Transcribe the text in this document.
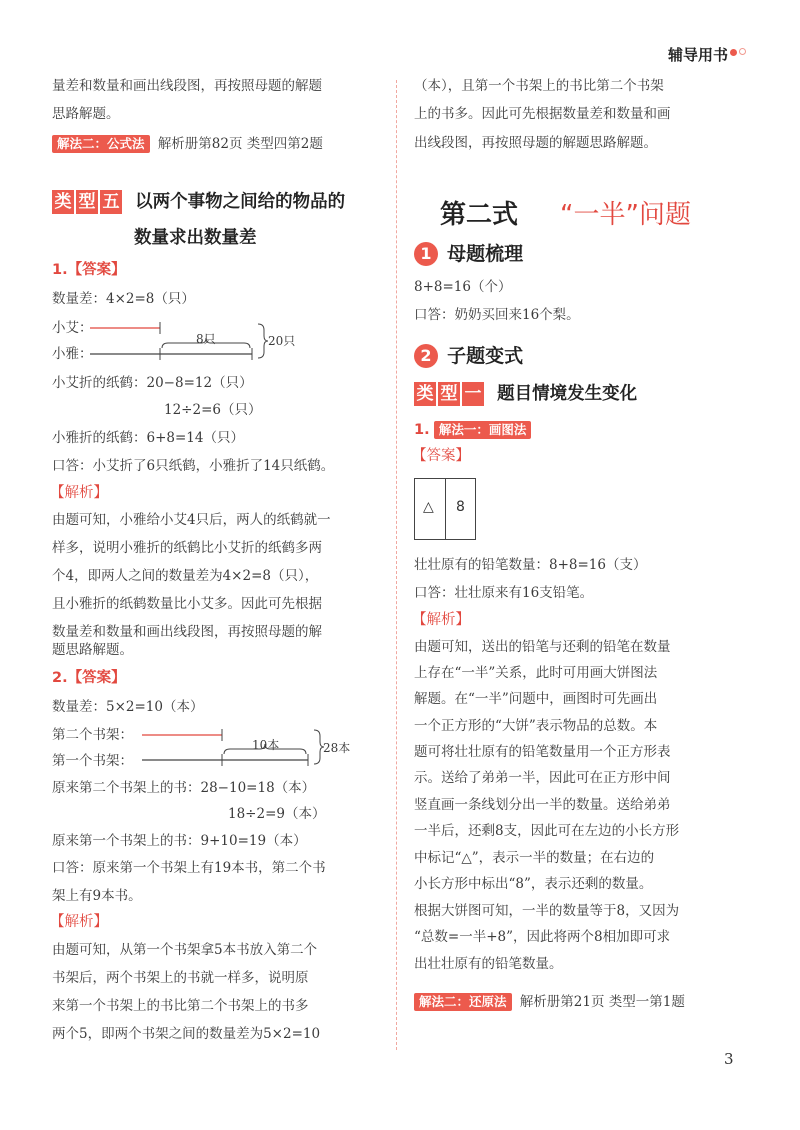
辅导用书
量差和数量和画出线段图，再按照母题的解题
思路解题。
解法二：公式法 解析册第82页 类型四第2题
类 型 五 以两个事物之间给的物品的
数量求出数量差
1.【答案】
数量差：4×2=8（只）
小艾：
小雅：
8只	20只
小艾折的纸鹤：20−8=12（只）
12÷2=6（只）
小雅折的纸鹤：6+8=14（只）
口答：小艾折了6只纸鹤，小雅折了14只纸鹤。
【解析】
由题可知，小雅给小艾4只后，两人的纸鹤就一
样多，说明小雅折的纸鹤比小艾折的纸鹤多两
个4，即两人之间的数量差为4×2=8（只），
且小雅折的纸鹤数量比小艾多。因此可先根据
数量差和数量和画出线段图，再按照母题的解
题思路解题。
2.【答案】
数量差：5×2=10（本）
第二个书架：
第一个书架：
10本	28本
原来第二个书架上的书：28−10=18（本）
18÷2=9（本）
原来第一个书架上的书：9+10=19（本）
口答：原来第一个书架上有19本书，第二个书
架上有9本书。
【解析】
由题可知，从第一个书架拿5本书放入第二个
书架后，两个书架上的书就一样多，说明原
来第一个书架上的书比第二个书架上的书多
两个5，即两个书架之间的数量差为5×2=10
（本），且第一个书架上的书比第二个书架
上的书多。因此可先根据数量差和数量和画
出线段图，再按照母题的解题思路解题。
第二式 “一半”问题
1 母题梳理
8+8=16（个）
口答：奶奶买回来16个梨。
2 子题变式
类 型 一 题目情境发生变化
1. 解法一：画图法
【答案】
△ 8
壮壮原有的铅笔数量：8+8=16（支）
口答：壮壮原来有16支铅笔。
【解析】
由题可知，送出的铅笔与还剩的铅笔在数量
上存在“一半”关系，此时可用画大饼图法
解题。在“一半”问题中，画图时可先画出
一个正方形的“大饼”表示物品的总数。本
题可将壮壮原有的铅笔数量用一个正方形表
示。送给了弟弟一半，因此可在正方形中间
竖直画一条线划分出一半的数量。送给弟弟
一半后，还剩8支，因此可在左边的小长方形
中标记“△”，表示一半的数量；在右边的
小长方形中标出“8”，表示还剩的数量。
根据大饼图可知，一半的数量等于8，又因为
“总数=一半+8”，因此将两个8相加即可求
出壮壮原有的铅笔数量。
解法二：还原法 解析册第21页 类型一第1题
3
